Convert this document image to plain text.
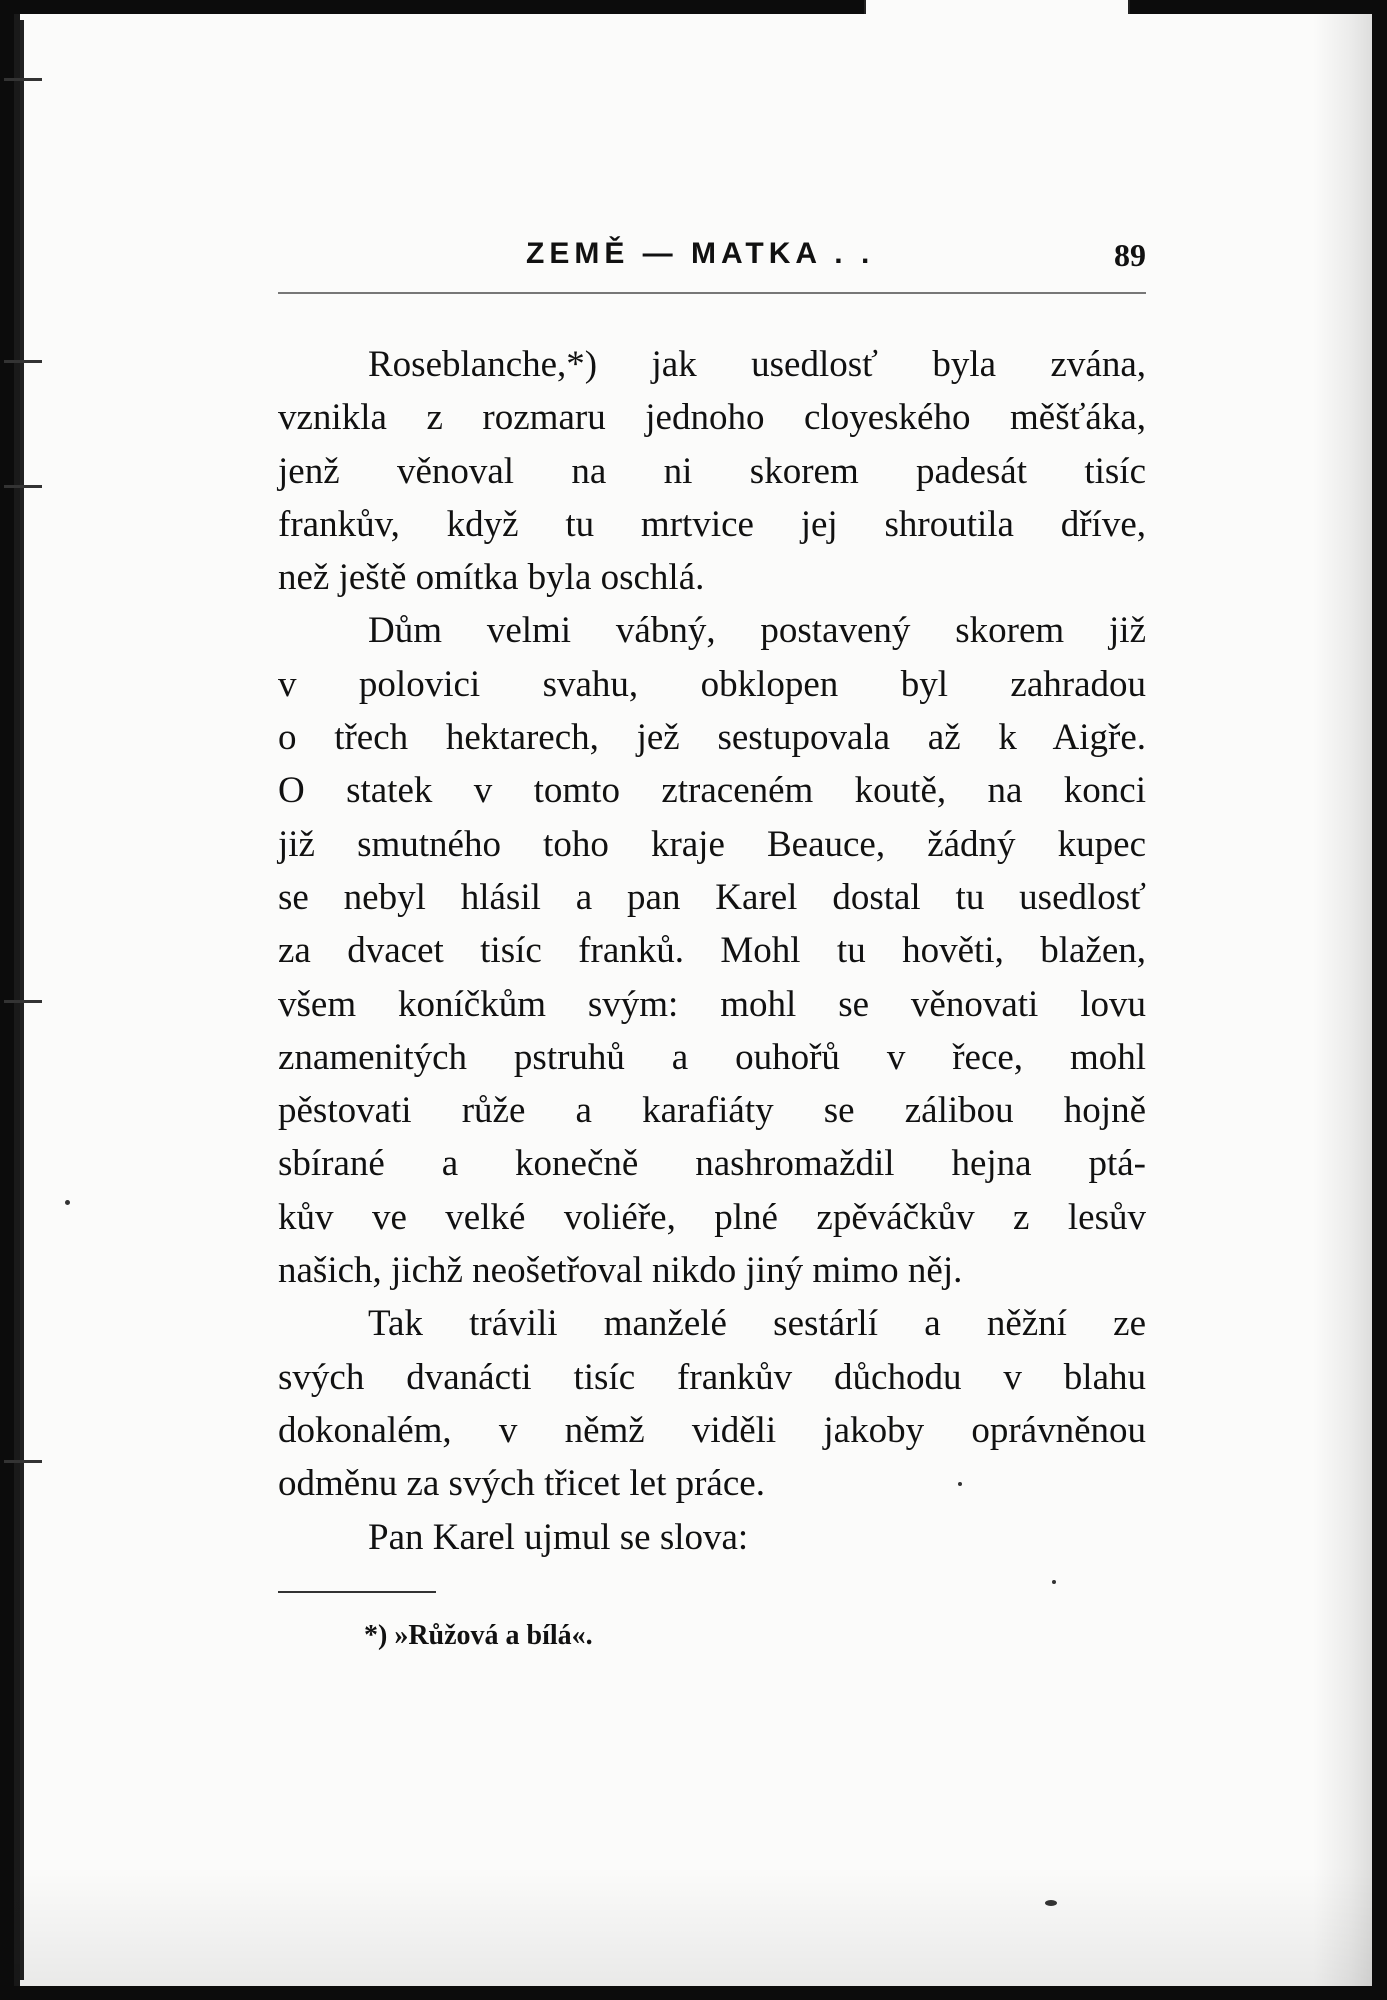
ZEMĚ — MATKA . .	89
Roseblanche,*) jak usedlosť byla zvána,
vznikla z rozmaru jednoho cloyeského měšťáka,
jenž věnoval na ni skorem padesát tisíc
frankův, když tu mrtvice jej shroutila dříve,
než ještě omítka byla oschlá.
Dům velmi vábný, postavený skorem již
v polovici svahu, obklopen byl zahradou
o třech hektarech, jež sestupovala až k Aigře.
O statek v tomto ztraceném koutě, na konci
již smutného toho kraje Beauce, žádný kupec
se nebyl hlásil a pan Karel dostal tu usedlosť
za dvacet tisíc franků. Mohl tu hověti, blažen,
všem koníčkům svým: mohl se věnovati lovu
znamenitých pstruhů a ouhořů v řece, mohl
pěstovati růže a karafiáty se zálibou hojně
sbírané a konečně nashromaždil hejna ptá-
kův ve velké voliéře, plné zpěváčkův z lesův
našich, jichž neošetřoval nikdo jiný mimo něj.
Tak trávili manželé sestárlí a něžní ze
svých dvanácti tisíc frankův důchodu v blahu
dokonalém, v němž viděli jakoby oprávněnou
odměnu za svých třicet let práce.
Pan Karel ujmul se slova:
*) »Růžová a bílá«.
